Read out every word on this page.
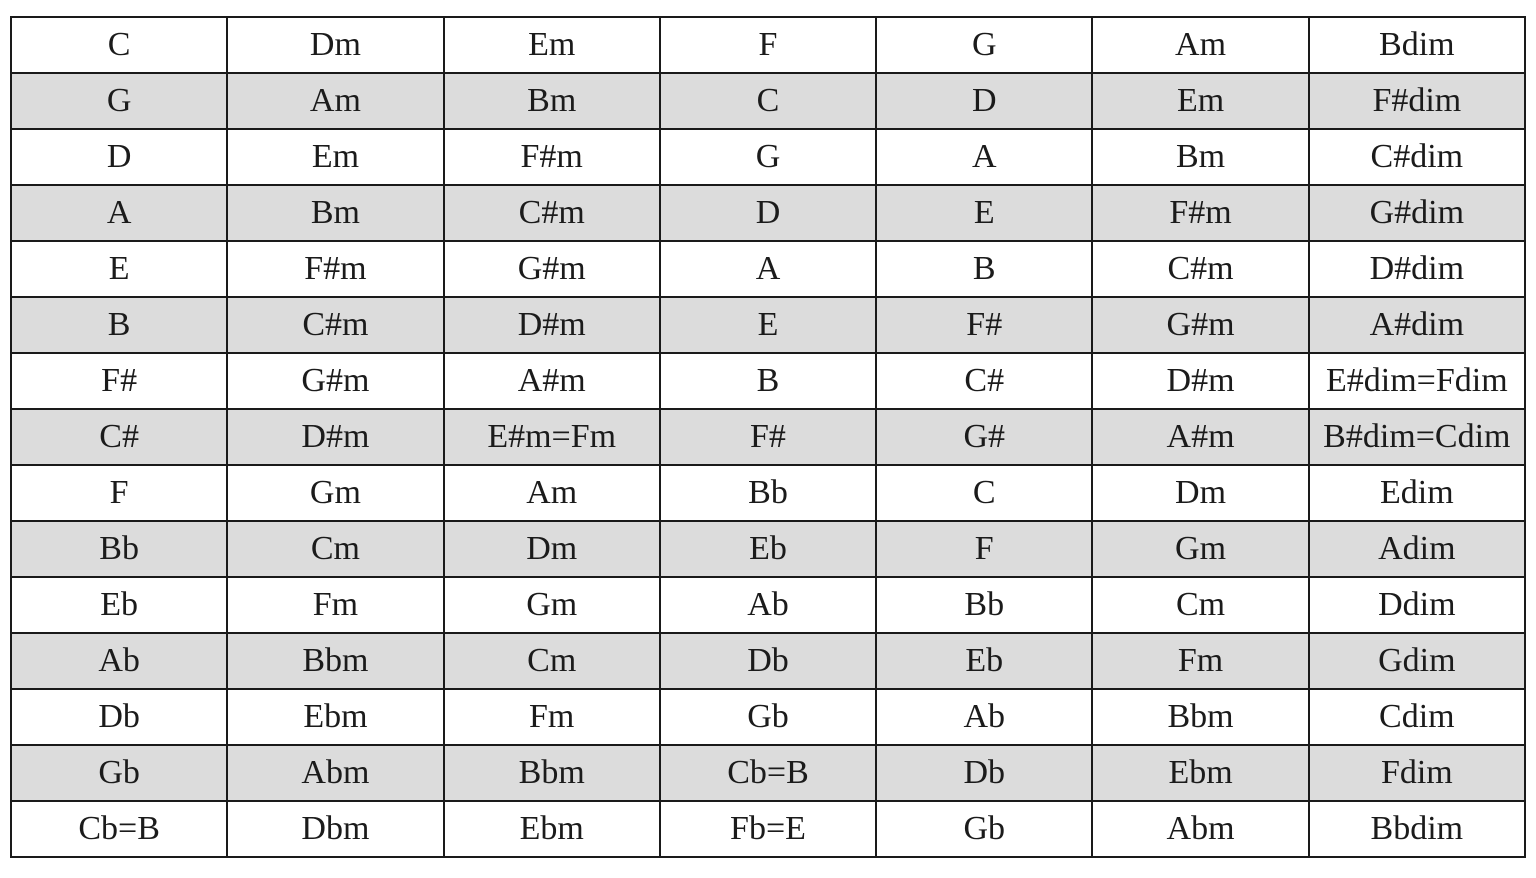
C	Dm	Em	F	G	Am	Bdim
G	Am	Bm	C	D	Em	F#dim
D	Em	F#m	G	A	Bm	C#dim
A	Bm	C#m	D	E	F#m	G#dim
E	F#m	G#m	A	B	C#m	D#dim
B	C#m	D#m	E	F#	G#m	A#dim
F#	G#m	A#m	B	C#	D#m	E#dim=Fdim
C#	D#m	E#m=Fm	F#	G#	A#m	B#dim=Cdim
F	Gm	Am	Bb	C	Dm	Edim
Bb	Cm	Dm	Eb	F	Gm	Adim
Eb	Fm	Gm	Ab	Bb	Cm	Ddim
Ab	Bbm	Cm	Db	Eb	Fm	Gdim
Db	Ebm	Fm	Gb	Ab	Bbm	Cdim
Gb	Abm	Bbm	Cb=B	Db	Ebm	Fdim
Cb=B	Dbm	Ebm	Fb=E	Gb	Abm	Bbdim
